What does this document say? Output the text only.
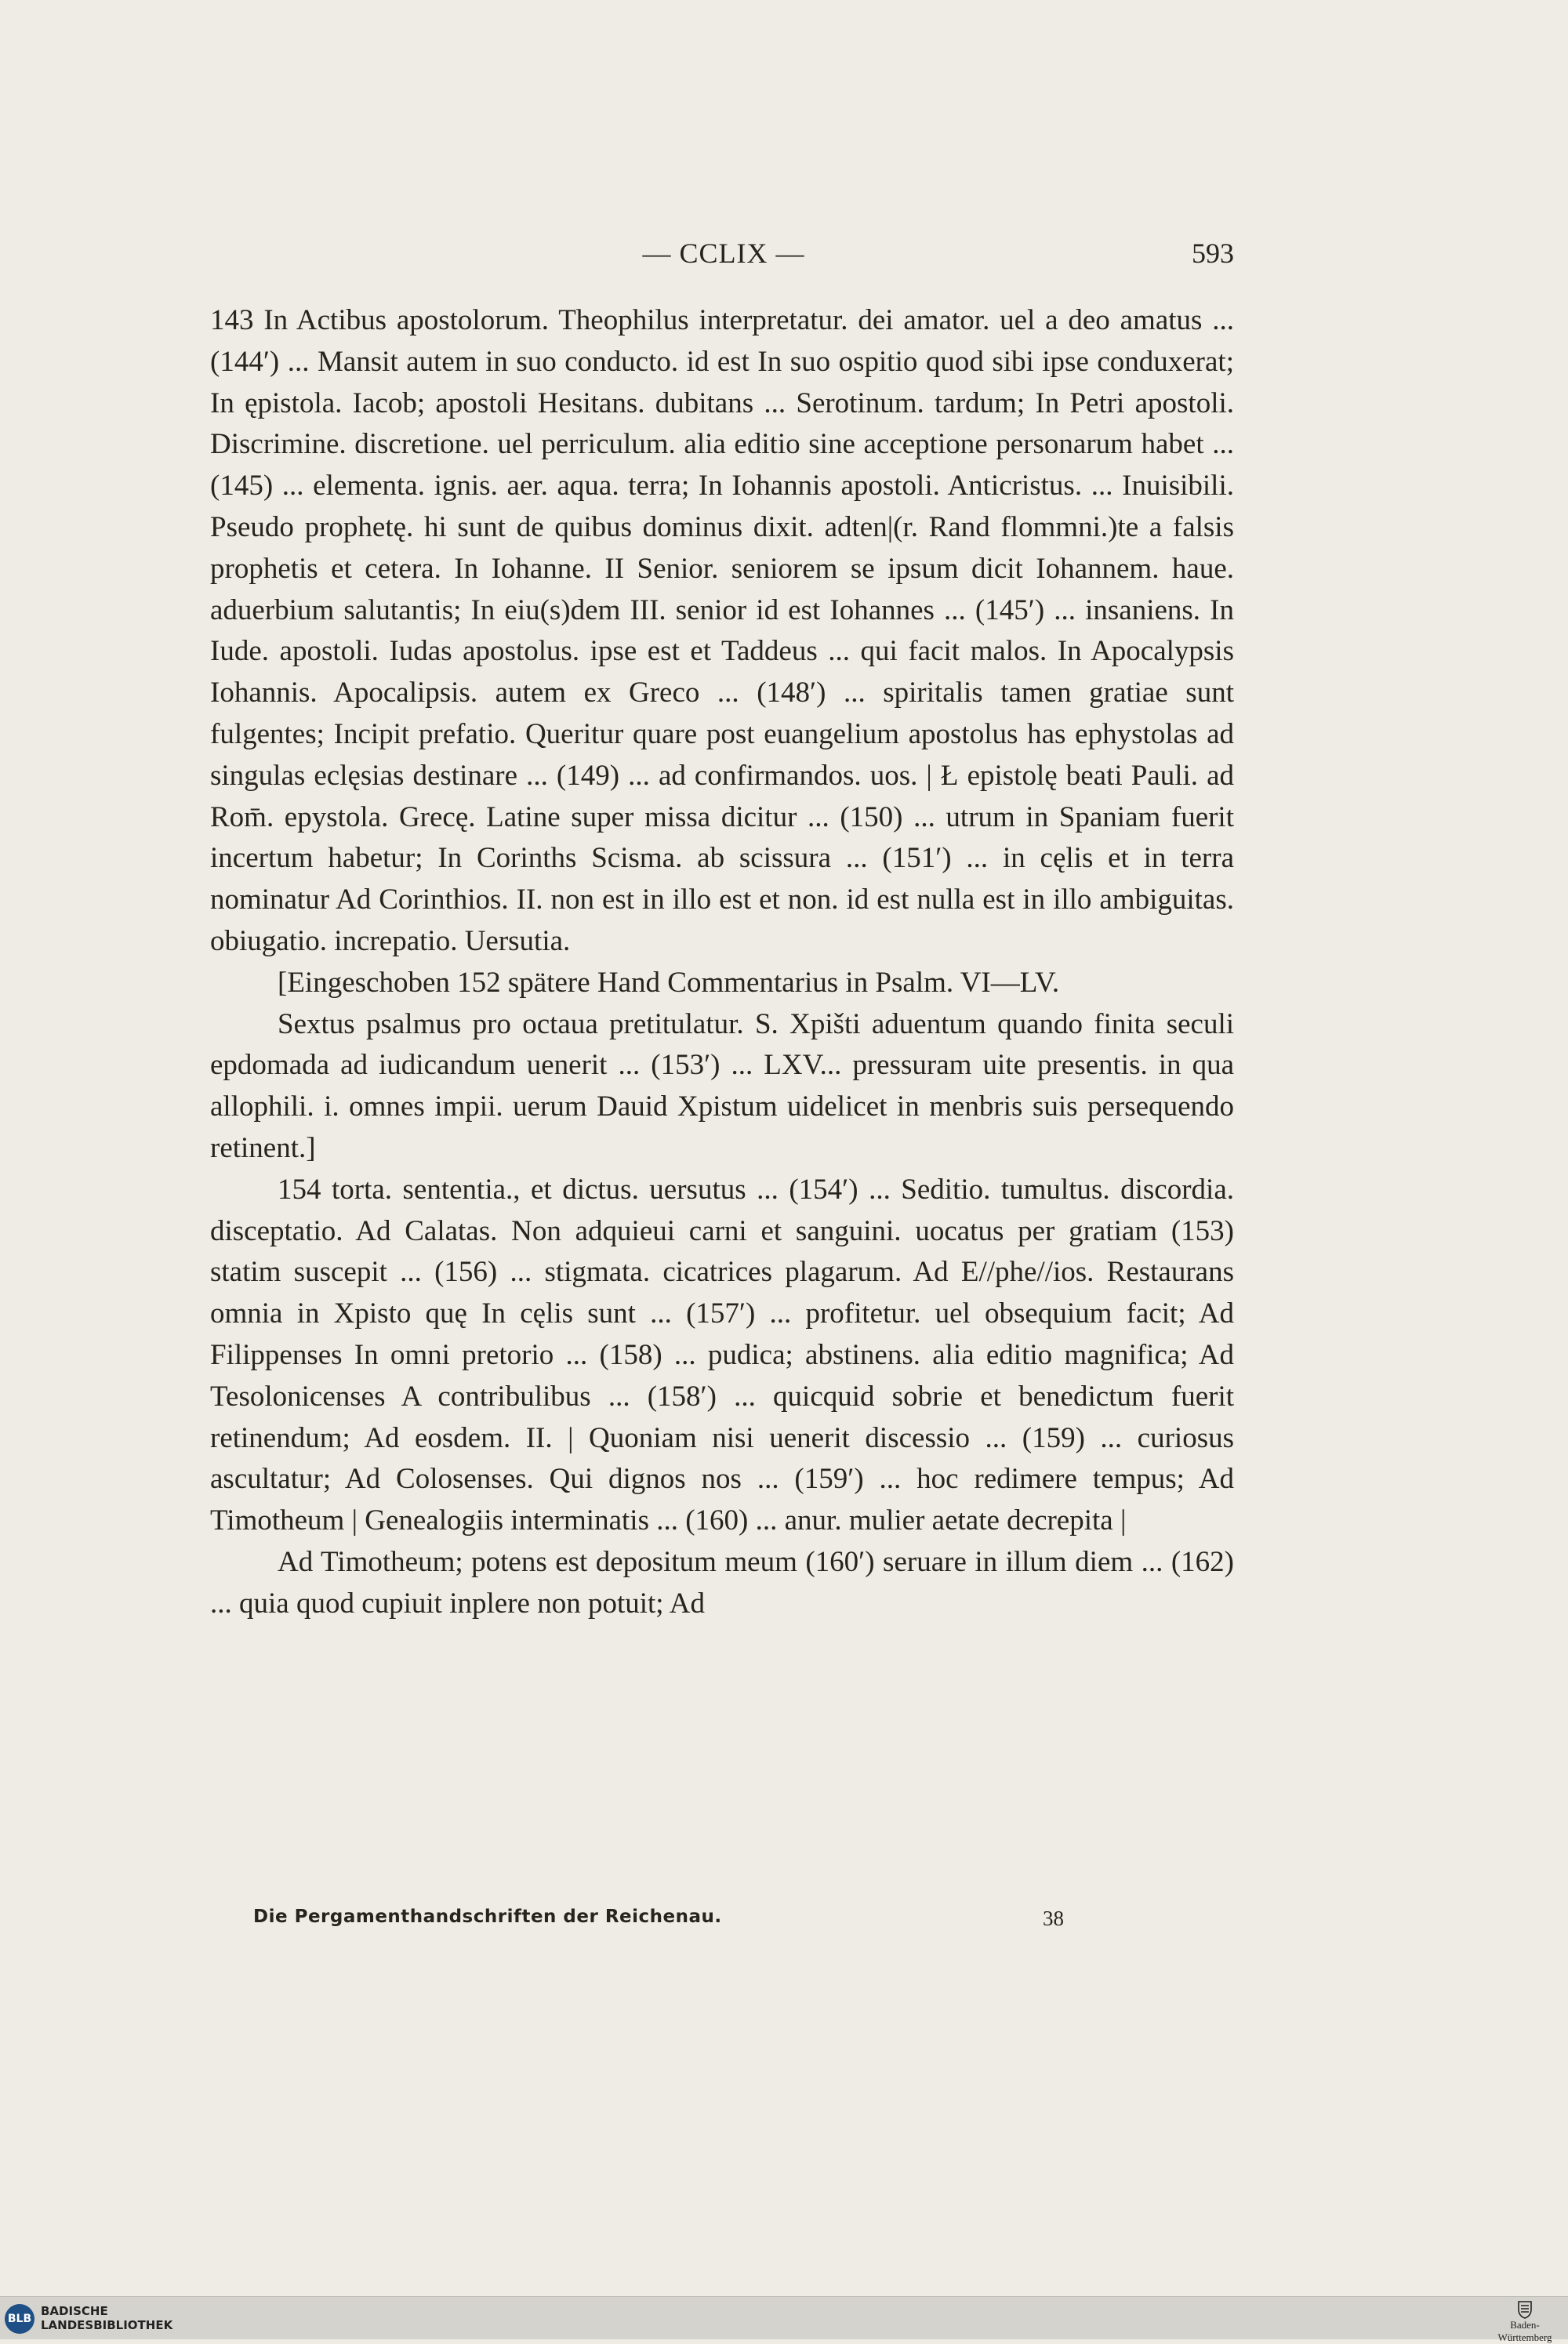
— CCLIX —	593

143 In Actibus apostolorum. Theophilus interpretatur. dei amator. uel a deo amatus ... (144′) ... Mansit autem in suo conducto. id est In suo ospitio quod sibi ipse conduxerat; In ępistola. Iacob; apostoli Hesitans. dubitans ... Serotinum. tardum; In Petri apostoli. Discrimine. discretione. uel perriculum. alia editio sine acceptione personarum habet ... (145) ... elementa. ignis. aer. aqua. terra; In Iohannis apostoli. Anticristus. ... Inuisibili. Pseudo prophetę. hi sunt de quibus dominus dixit. adten|(r. Rand flommni.)te a falsis prophetis et cetera. In Iohanne. II Senior. seniorem se ipsum dicit Iohannem. haue. aduerbium salutantis; In eiu(s)dem III. senior id est Iohannes ... (145′) ... insaniens. In Iude. apostoli. Iudas apostolus. ipse est et Taddeus ... qui facit malos. In Apocalypsis Iohannis. Apocalipsis. autem ex Greco ... (148′) ... spiritalis tamen gratiae sunt fulgentes; Incipit prefatio. Queritur quare post euangelium apostolus has ephystolas ad singulas eclęsias destinare ... (149) ... ad confirmandos. uos. | Ł epistolę beati Pauli. ad Rom̄. epystola. Grecę. Latine super missa dicitur ... (150) ... utrum in Spaniam fuerit incertum habetur; In Corinths Scisma. ab scissura ... (151′) ... in cęlis et in terra nominatur Ad Corinthios. II. non est in illo est et non. id est nulla est in illo ambiguitas. obiugatio. increpatio. Uersutia.

[Eingeschoben 152 spätere Hand Commentarius in Psalm. VI—LV.

Sextus psalmus pro octaua pretitulatur. S. Xpišti aduentum quando finita seculi epdomada ad iudicandum uenerit ... (153′) ... LXV... pressuram uite presentis. in qua allophili. i. omnes impii. uerum Dauid Xpistum uidelicet in menbris suis persequendo retinent.]

154 torta. sententia., et dictus. uersutus ... (154′) ... Seditio. tumultus. discordia. disceptatio. Ad Calatas. Non adquieui carni et sanguini. uocatus per gratiam (153) statim suscepit ... (156) ... stigmata. cicatrices plagarum. Ad E//phe//ios. Restaurans omnia in Xpisto quę In cęlis sunt ... (157′) ... profitetur. uel obsequium facit; Ad Filippenses In omni pretorio ... (158) ... pudica; abstinens. alia editio magnifica; Ad Tesolonicenses A contribulibus ... (158′) ... quicquid sobrie et benedictum fuerit retinendum; Ad eosdem. II. | Quoniam nisi uenerit discessio ... (159) ... curiosus ascultatur; Ad Colosenses. Qui dignos nos ... (159′) ... hoc redimere tempus; Ad Timotheum | Genealogiis interminatis ... (160) ... anur. mulier aetate decrepita |

Ad Timotheum; potens est depositum meum (160′) seruare in illum diem ... (162) ... quia quod cupiuit inplere non potuit; Ad

Die Pergamenthandschriften der Reichenau.	38
BLB
BADISCHE
LANDESBIBLIOTHEK	Baden-Württemberg
